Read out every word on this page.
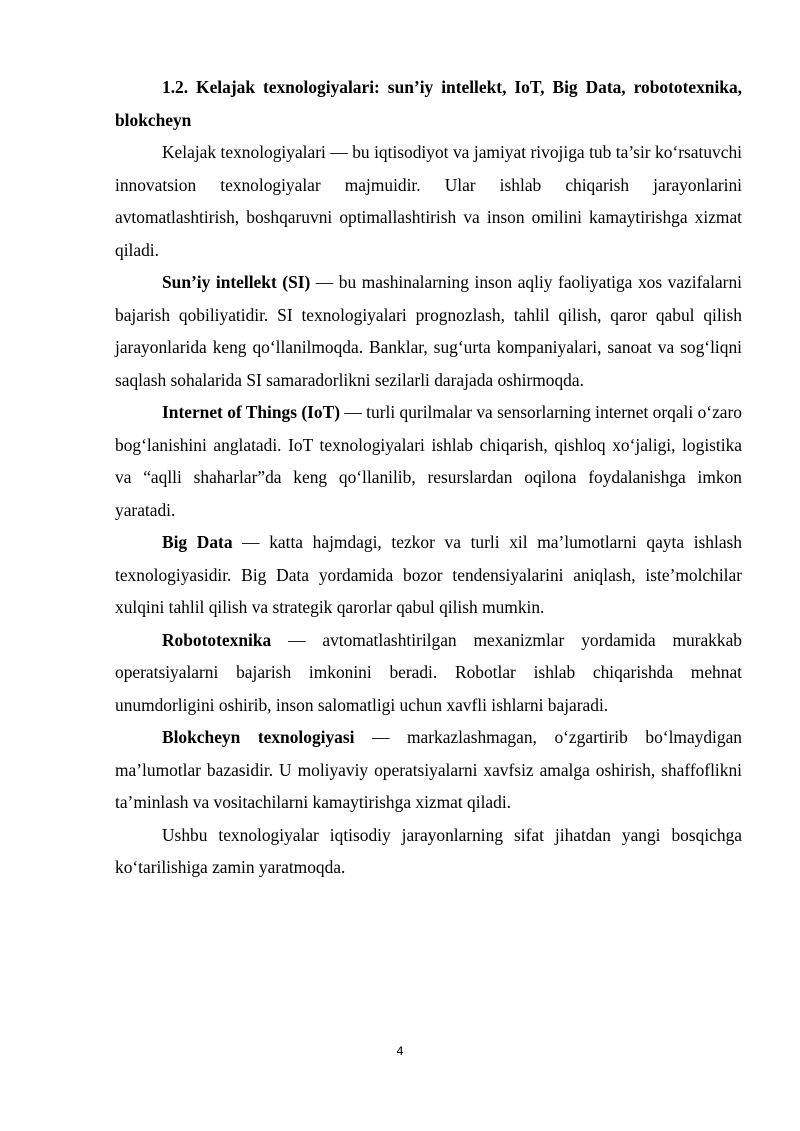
1.2. Kelajak texnologiyalari: sun’iy intellekt, IoT, Big Data, robototexnika, blokcheyn

Kelajak texnologiyalari — bu iqtisodiyot va jamiyat rivojiga tub ta’sir koʻrsatuvchi innovatsion texnologiyalar majmuidir. Ular ishlab chiqarish jarayonlarini avtomatlashtirish, boshqaruvni optimallashtirish va inson omilini kamaytirishga xizmat qiladi.

Sun’iy intellekt (SI) — bu mashinalarning inson aqliy faoliyatiga xos vazifalarni bajarish qobiliyatidir. SI texnologiyalari prognozlash, tahlil qilish, qaror qabul qilish jarayonlarida keng qoʻllanilmoqda. Banklar, sugʻurta kompaniyalari, sanoat va sogʻliqni saqlash sohalarida SI samaradorlikni sezilarli darajada oshirmoqda.

Internet of Things (IoT) — turli qurilmalar va sensorlarning internet orqali oʻzaro bogʻlanishini anglatadi. IoT texnologiyalari ishlab chiqarish, qishloq xoʻjaligi, logistika va “aqlli shaharlar”da keng qoʻllanilib, resurslardan oqilona foydalanishga imkon yaratadi.

Big Data — katta hajmdagi, tezkor va turli xil ma’lumotlarni qayta ishlash texnologiyasidir. Big Data yordamida bozor tendensiyalarini aniqlash, iste’molchilar xulqini tahlil qilish va strategik qarorlar qabul qilish mumkin.

Robototexnika — avtomatlashtirilgan mexanizmlar yordamida murakkab operatsiyalarni bajarish imkonini beradi. Robotlar ishlab chiqarishda mehnat unumdorligini oshirib, inson salomatligi uchun xavfli ishlarni bajaradi.

Blokcheyn texnologiyasi — markazlashmagan, oʻzgartirib boʻlmaydigan ma’lumotlar bazasidir. U moliyaviy operatsiyalarni xavfsiz amalga oshirish, shaffoflikni ta’minlash va vositachilarni kamaytirishga xizmat qiladi.

Ushbu texnologiyalar iqtisodiy jarayonlarning sifat jihatdan yangi bosqichga koʻtarilishiga zamin yaratmoqda.

4
